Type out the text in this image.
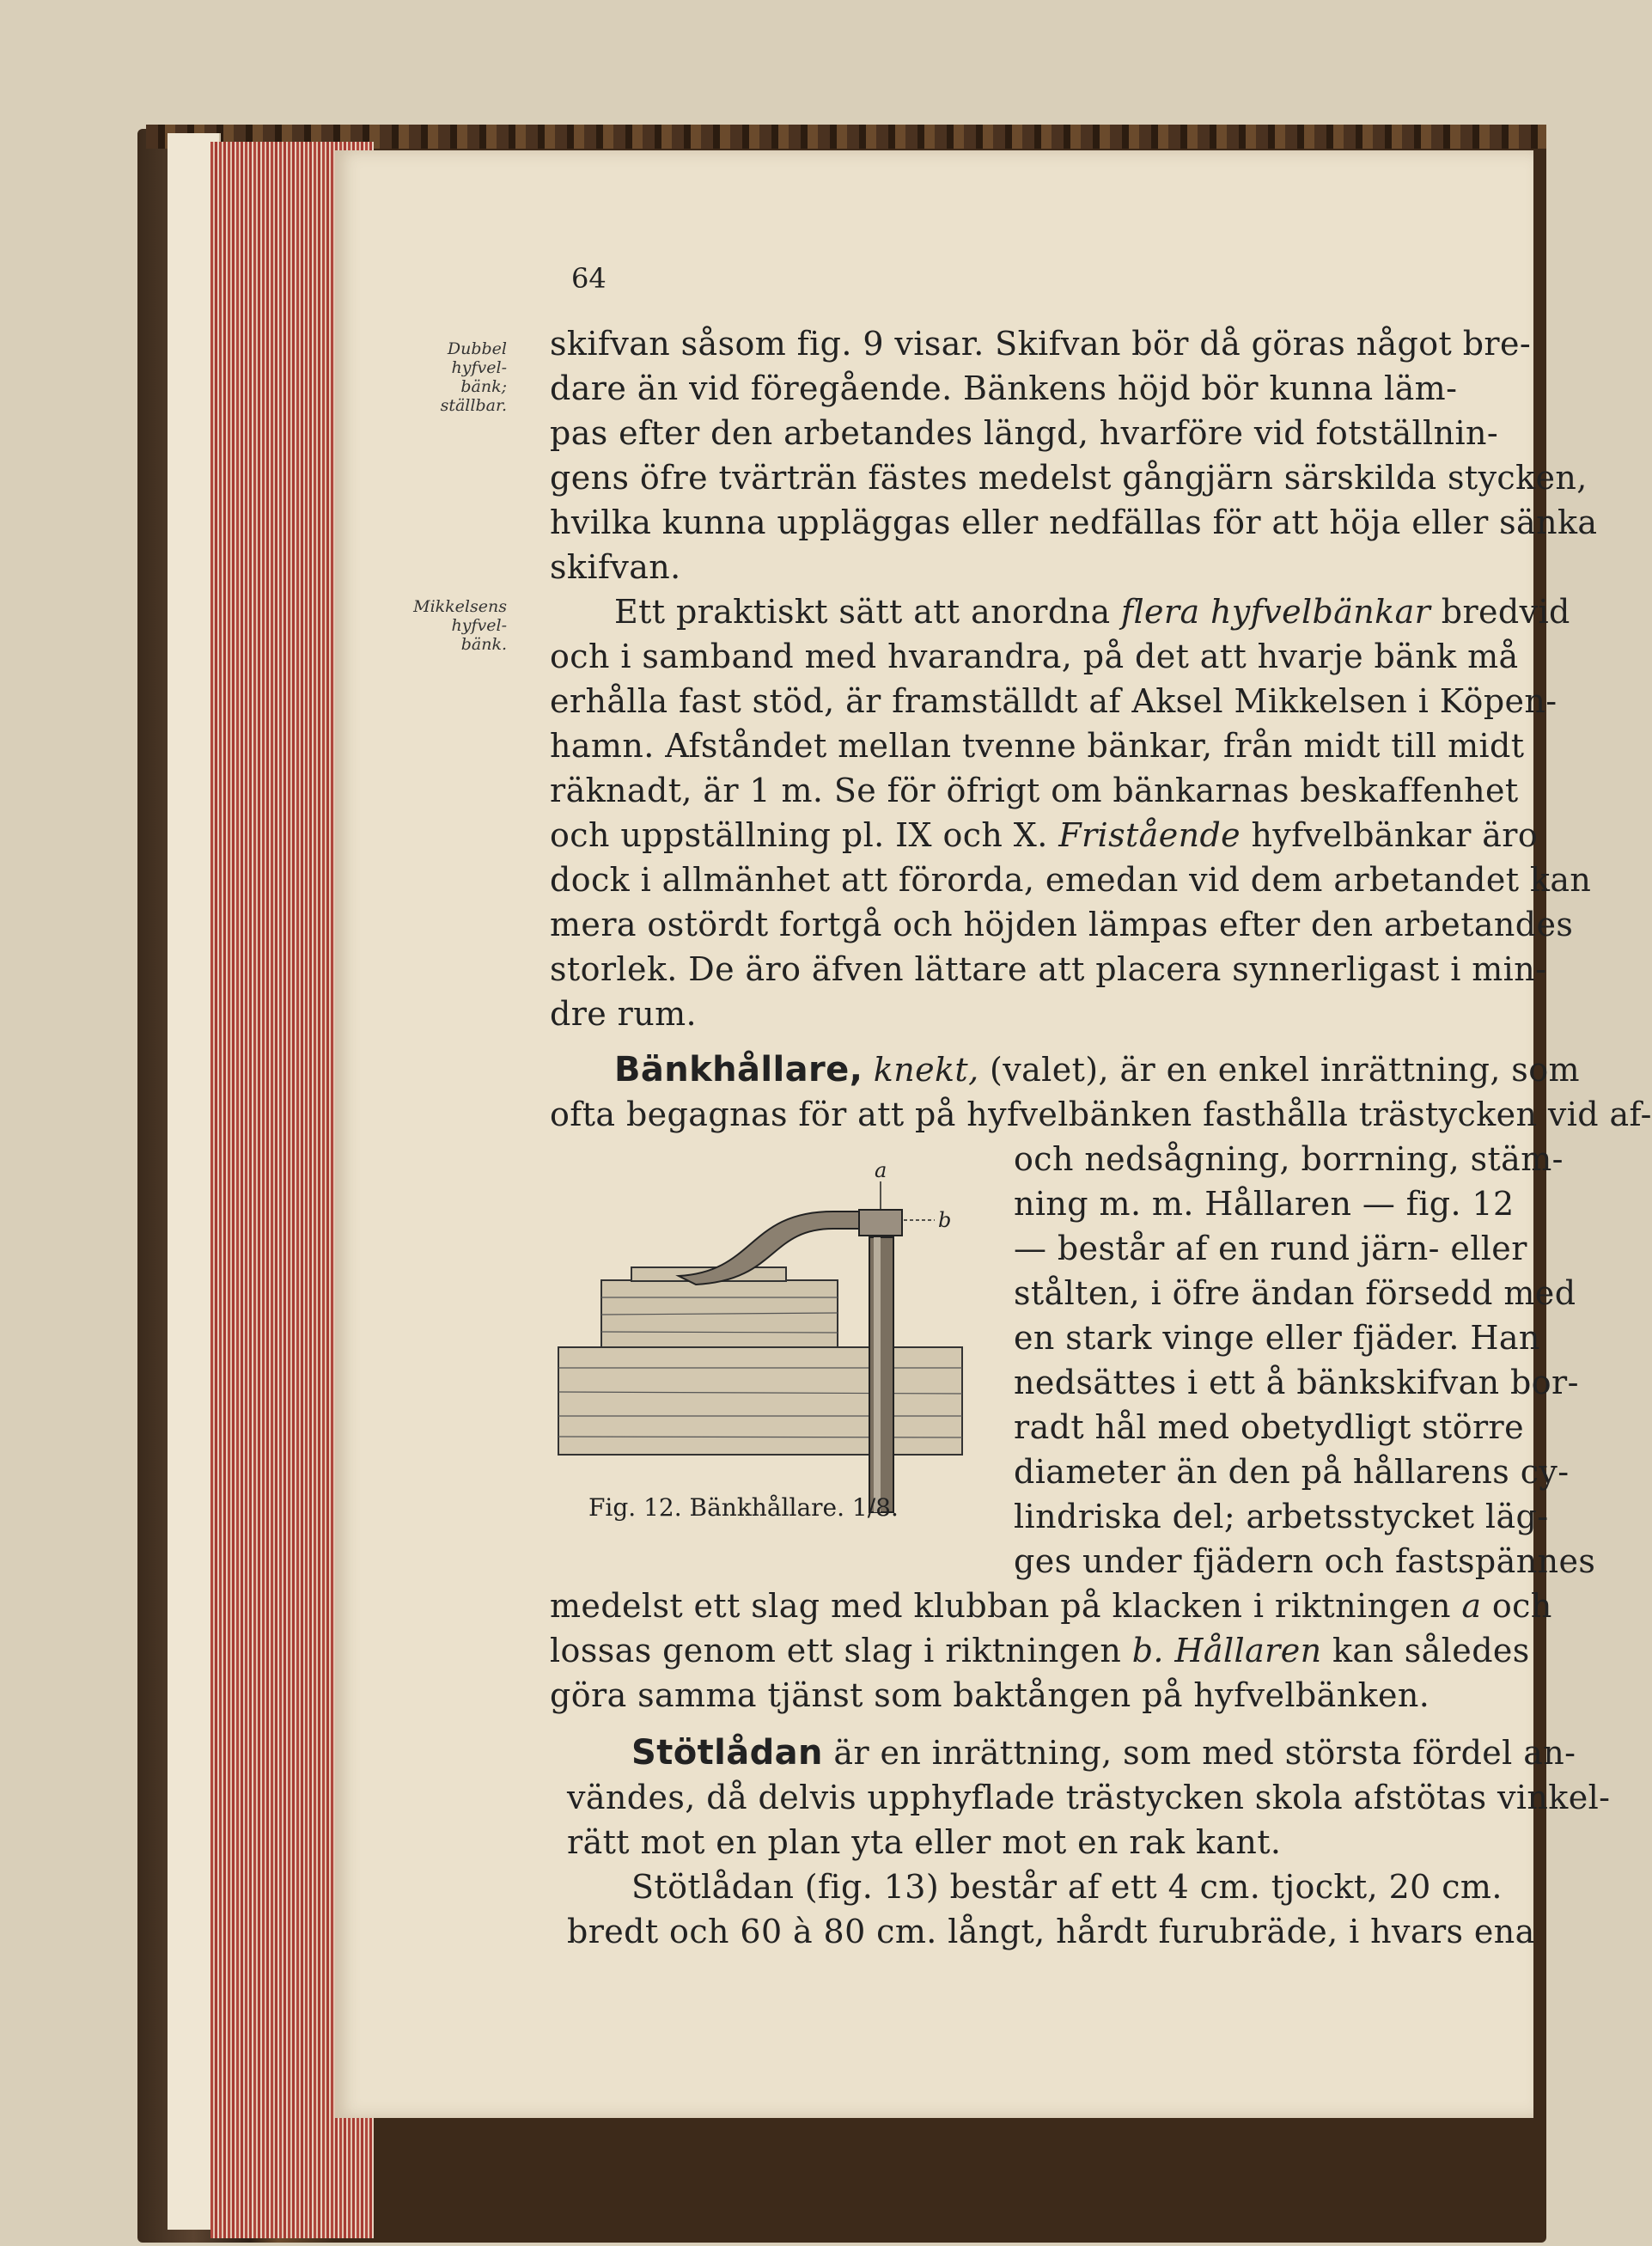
64
Dubbel
hyfvel-
bänk;
ställbar.
Mikkelsens
hyfvel-
bänk.
skifvan såsom fig. 9 visar. Skifvan bör då göras något bre-
dare än vid föregående. Bänkens höjd bör kunna läm-
pas efter den arbetandes längd, hvarföre vid fotställnin-
gens öfre tvärträn fästes medelst gångjärn särskilda stycken,
hvilka kunna uppläggas eller nedfällas för att höja eller sänka
skifvan.
Ett praktiskt sätt att anordna flera hyfvelbänkar bredvid
och i samband med hvarandra, på det att hvarje bänk må
erhålla fast stöd, är framställdt af Aksel Mikkelsen i Köpen-
hamn. Afståndet mellan tvenne bänkar, från midt till midt
räknadt, är 1 m. Se för öfrigt om bänkarnas beskaffenhet
och uppställning pl. IX och X. Fristående hyfvelbänkar äro
dock i allmänhet att förorda, emedan vid dem arbetandet kan
mera ostördt fortgå och höjden lämpas efter den arbetandes
storlek. De äro äfven lättare att placera synnerligast i min-
dre rum.
Bänkhållare, knekt, (valet), är en enkel inrättning, som
ofta begagnas för att på hyfvelbänken fasthålla trästycken vid af-
och nedsågning, borrning, stäm-
ning m. m. Hållaren — fig. 12
— består af en rund järn- eller
stålten, i öfre ändan försedd med
en stark vinge eller fjäder. Han
nedsättes i ett å bänkskifvan bor-
radt hål med obetydligt större
diameter än den på hållarens cy-
lindriska del; arbetsstycket läg-
ges under fjädern och fastspännes
medelst ett slag med klubban på klacken i riktningen a och
lossas genom ett slag i riktningen b. Hållaren kan således
göra samma tjänst som baktången på hyfvelbänken.
a
b
Fig. 12. Bänkhållare. 1/8.
Stötlådan är en inrättning, som med största fördel an-
vändes, då delvis upphyflade trästycken skola afstötas vinkel-
rätt mot en plan yta eller mot en rak kant.
Stötlådan (fig. 13) består af ett 4 cm. tjockt, 20 cm.
bredt och 60 à 80 cm. långt, hårdt furubräde, i hvars ena
